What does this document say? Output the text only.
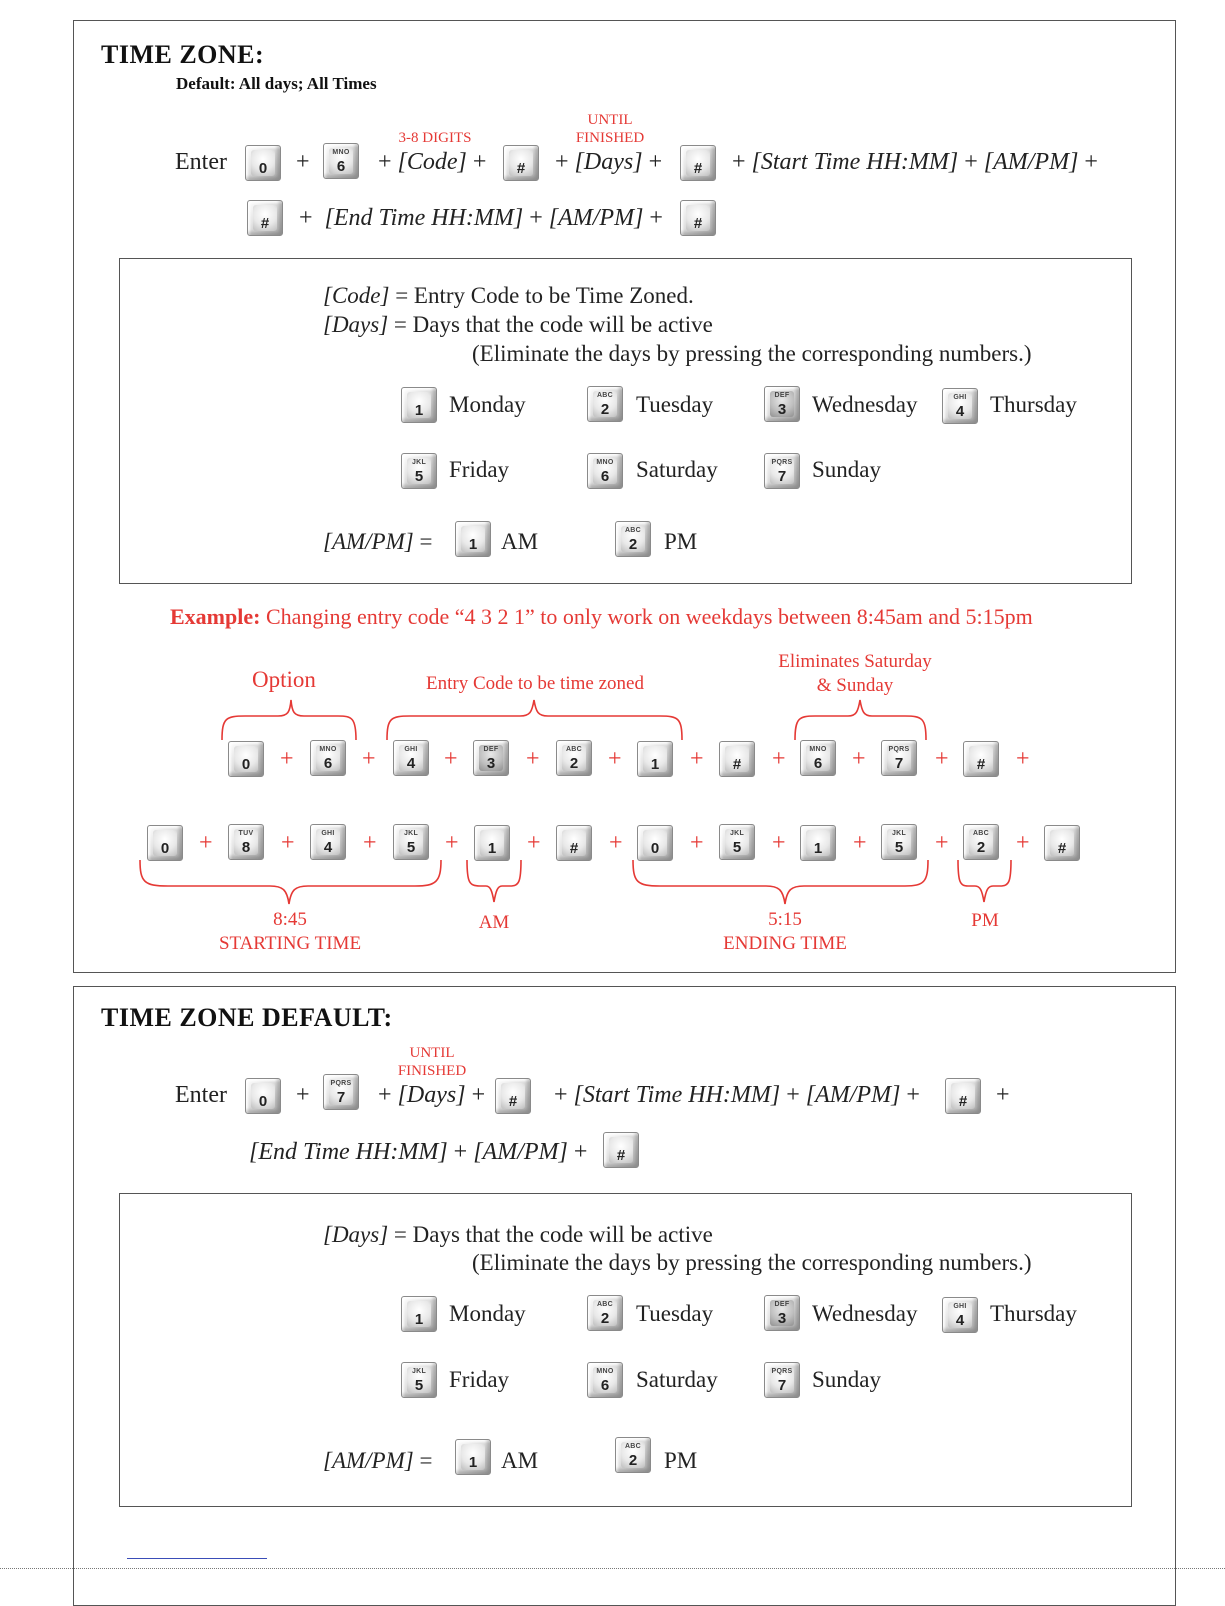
TIME ZONE:
Default: All days; All Times
3-8 DIGITS
UNTIL
FINISHED
Enter	0	+	MNO
6	+ [Code] +	#	+ [Days] +	#	+ [Start Time HH:MM] + [AM/PM] +
#	+ [End Time HH:MM] + [AM/PM] +	#
[Code] = Entry Code to be Time Zoned.
[Days] = Days that the code will be active
(Eliminate the days by pressing the corresponding numbers.)
1	Monday	ABC
2	Tuesday	DEF
3	Wednesday	GHI
4	Thursday
JKL
5	Friday	MNO
6	Saturday	PQRS
7	Sunday
[AM/PM] =	1	AM	ABC
2	PM
Example: Changing entry code “4 3 2 1” to only work on weekdays between 8:45am and 5:15pm
Option	Entry Code to be time zoned
Eliminates Saturday
& Sunday
0	+	MNO
6	+	GHI
4	+	DEF
3	+	ABC
2	+	1	+	#	+	MNO
6	+	PQRS
7	+	#	+
0	+	TUV
8	+	GHI
4	+	JKL
5	+	1	+	#	+	0	+	JKL
5	+	1	+	JKL
5	+	ABC
2	+	#
8:45
STARTING TIME
AM	5:15
ENDING TIME
PM
TIME ZONE DEFAULT:
UNTIL
FINISHED
Enter	0	+	PQRS
7	+ [Days] +	#	+ [Start Time HH:MM] + [AM/PM] +	#	+
[End Time HH:MM] + [AM/PM] +	#
[Days] = Days that the code will be active
(Eliminate the days by pressing the corresponding numbers.)
1	Monday	ABC
2	Tuesday	DEF
3	Wednesday	GHI
4	Thursday
JKL
5	Friday	MNO
6	Saturday	PQRS
7	Sunday
[AM/PM] =	1	AM
ABC
2	PM
